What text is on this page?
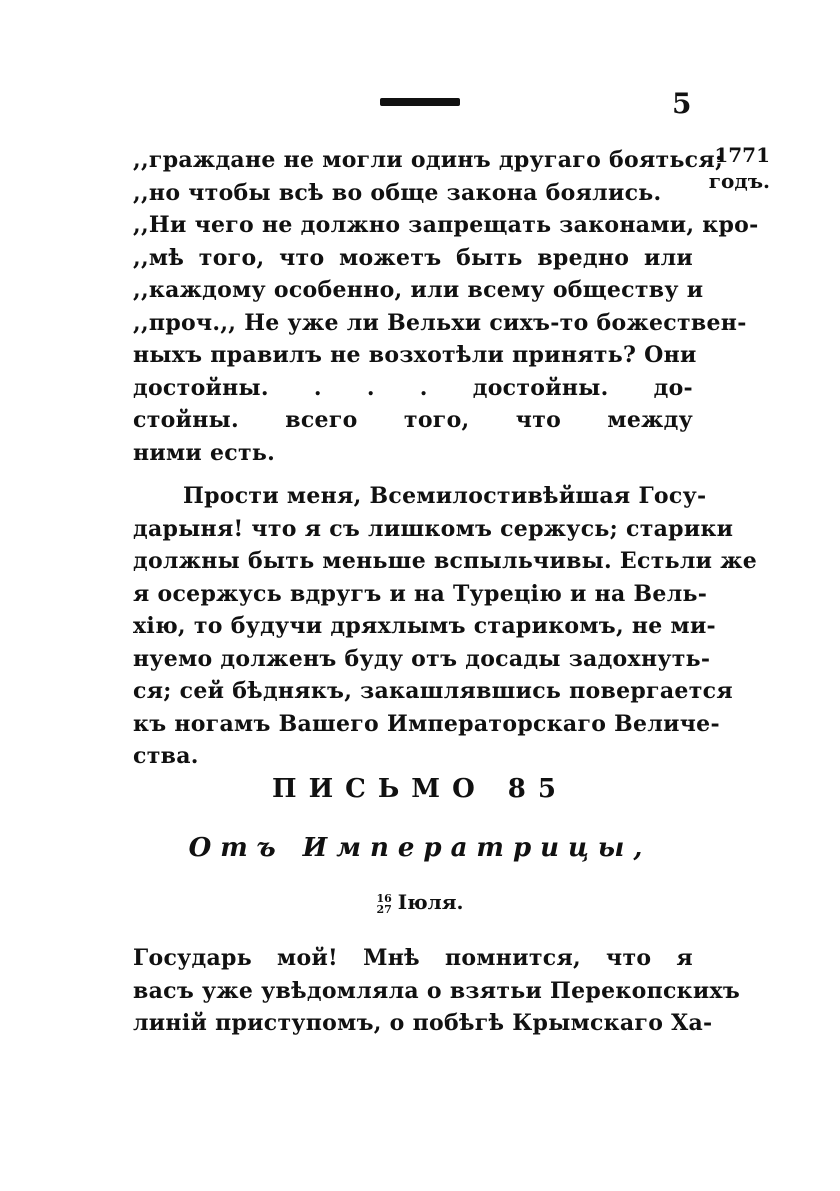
5
1771
годъ.
,,граждане не могли одинъ другаго бояться;
,,но чтобы всѣ во обще закона боялись.
,,Ни чего не должно запрещать законами, кро-
,,мѣ того, что можетъ быть вредно или
,,каждому особенно, или всему обществу и
,,проч.,, Не уже ли Вельхи сихъ-то божествен-
ныхъ правилъ не возхотѣли принять? Они
достойны. . . . достойны. до-
стойны. всего того, что между
ними есть.
Прости меня, Всемилостивѣйшая Госу-
дарыня! что я съ лишкомъ сержусь; старики
должны быть меньше вспыльчивы. Естьли же
я осержусь вдругъ и на Турецію и на Вель-
хію, то будучи дряхлымъ старикомъ, не ми-
нуемо долженъ буду отъ досады задохнуть-
ся; сей бѣднякъ, закашлявшись повергается
къ ногамъ Вашего Императорскаго Величе-
ства.
ПИСЬМО 85
Отъ Императрицы,
16
27 Іюля.
Государь мой! Мнѣ помнится, что я
васъ уже увѣдомляла о взятьи Перекопскихъ
линій приступомъ, о побѣгѣ Крымскаго Ха-
